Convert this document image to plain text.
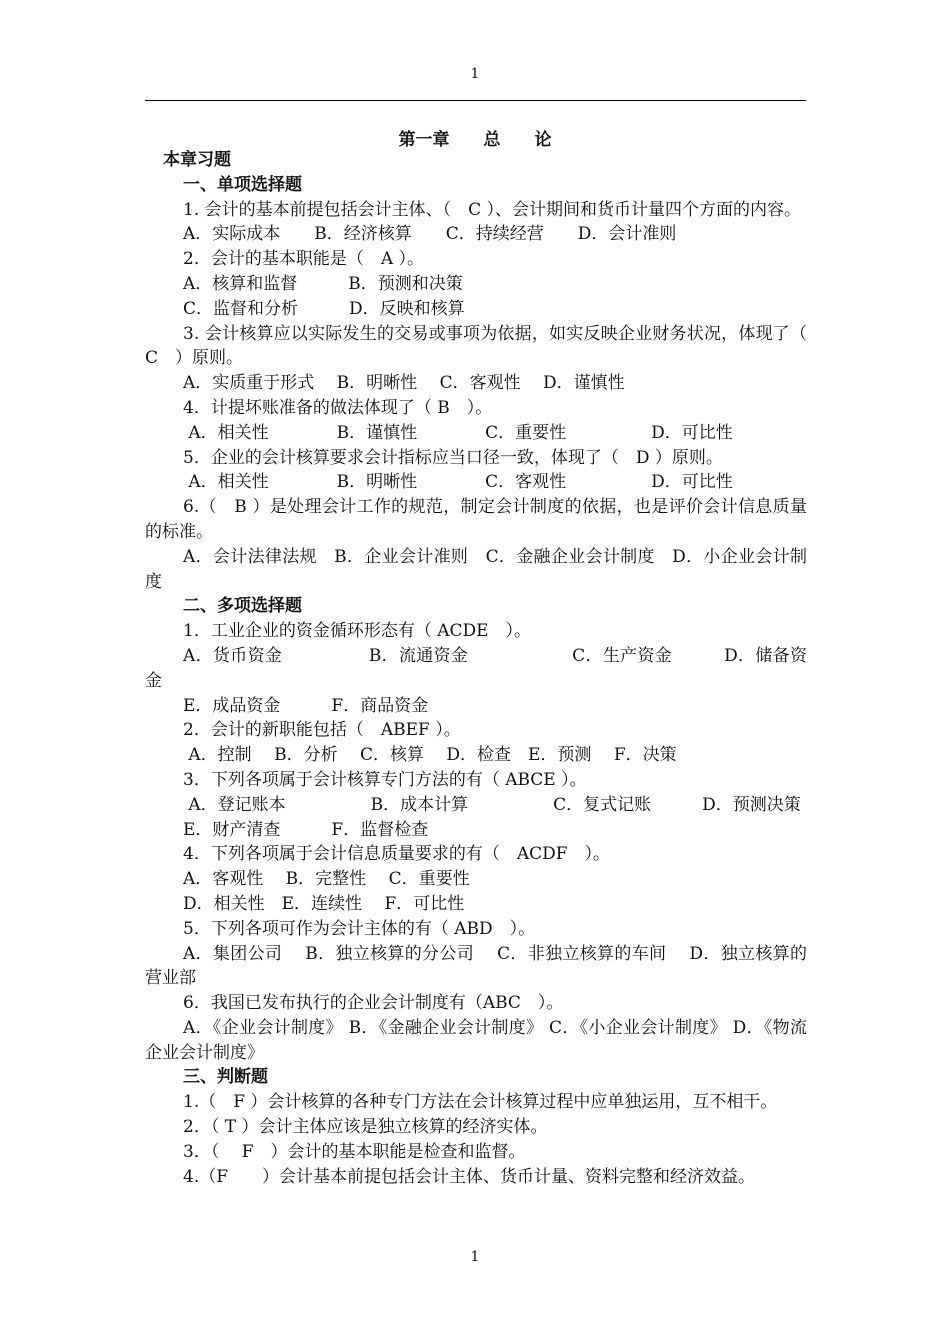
1
第一章　　总　　论

本章习题

一、单项选择题

1. 会计的基本前提包括会计主体、（　C ）、会计期间和货币计量四个方面的内容。

A．实际成本　　B．经济核算　　C．持续经营　　D．会计准则

2．会计的基本职能是（　A ）。

A．核算和监督　　　B．预测和决策

C．监督和分析　　　D．反映和核算

3. 会计核算应以实际发生的交易或事项为依据，如实反映企业财务状况，体现了（ C　）原则。

A．实质重于形式　 B．明晰性　 C．客观性　 D．谨慎性

4．计提坏账准备的做法体现了（ B　）。

A．相关性　　　　B．谨慎性　　　　C．重要性　　　　　D．可比性

5．企业的会计核算要求会计指标应当口径一致，体现了（　D ）原则。

A．相关性　　　　B．明晰性　　　　C．客观性　　　　　D．可比性

6.（　B ）是处理会计工作的规范，制定会计制度的依据，也是评价会计信息质量的标准。

A．会计法律法规　B．企业会计准则　C．金融企业会计制度　D．小企业会计制度

二、多项选择题

1．工业企业的资金循环形态有（ ACDE　）。

A．货币资金　　　　　B．流通资金　　　　　　C．生产资金　　　D．储备资金

E．成品资金　　　F．商品资金

2．会计的新职能包括（　ABEF ）。

A．控制　 B．分析　 C．核算　 D．检查　E．预测　 F．决策

3．下列各项属于会计核算专门方法的有（ ABCE ）。

A．登记账本　　　　　B．成本计算　　　　　C．复式记账　　　D．预测决策

E．财产清查　　　F．监督检查

4．下列各项属于会计信息质量要求的有（　ACDF　）。

A．客观性　 B．完整性　 C．重要性

D．相关性　E．连续性　 F．可比性

5．下列各项可作为会计主体的有（ ABD　）。

A．集团公司　 B．独立核算的分公司　 C．非独立核算的车间　 D．独立核算的营业部

6．我国已发布执行的企业会计制度有（ABC　）。

A．《企业会计制度》 B．《金融企业会计制度》 C．《小企业会计制度》 D．《物流企业会计制度》

三、判断题

1.（　F ）会计核算的各种专门方法在会计核算过程中应单独运用，互不相干。

2．（ T ）会计主体应该是独立核算的经济实体。

3．（　 F　）会计的基本职能是检查和监督。

4.（F　　）会计基本前提包括会计主体、货币计量、资料完整和经济效益。

1
